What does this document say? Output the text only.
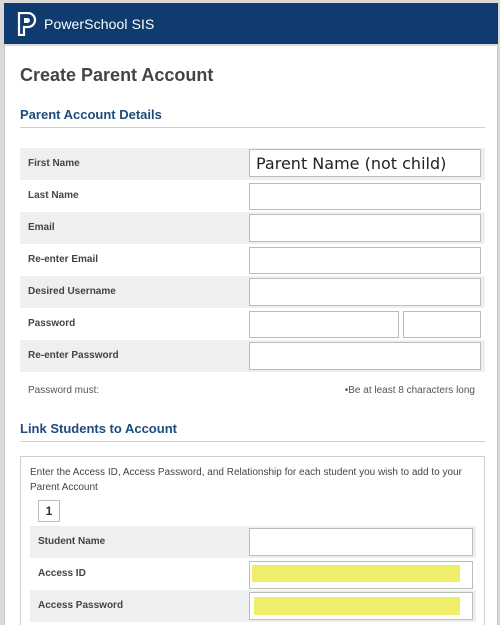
PowerSchool SIS
Create Parent Account
Parent Account Details
First Name
Parent Name (not child)
Last Name
Email
Re-enter Email
Desired Username
Password
Re-enter Password
Password must:	•Be at least 8 characters long
Link Students to Account
Enter the Access ID, Access Password, and Relationship for each student you wish to add to your Parent Account
1
Student Name
Access ID
Access Password
